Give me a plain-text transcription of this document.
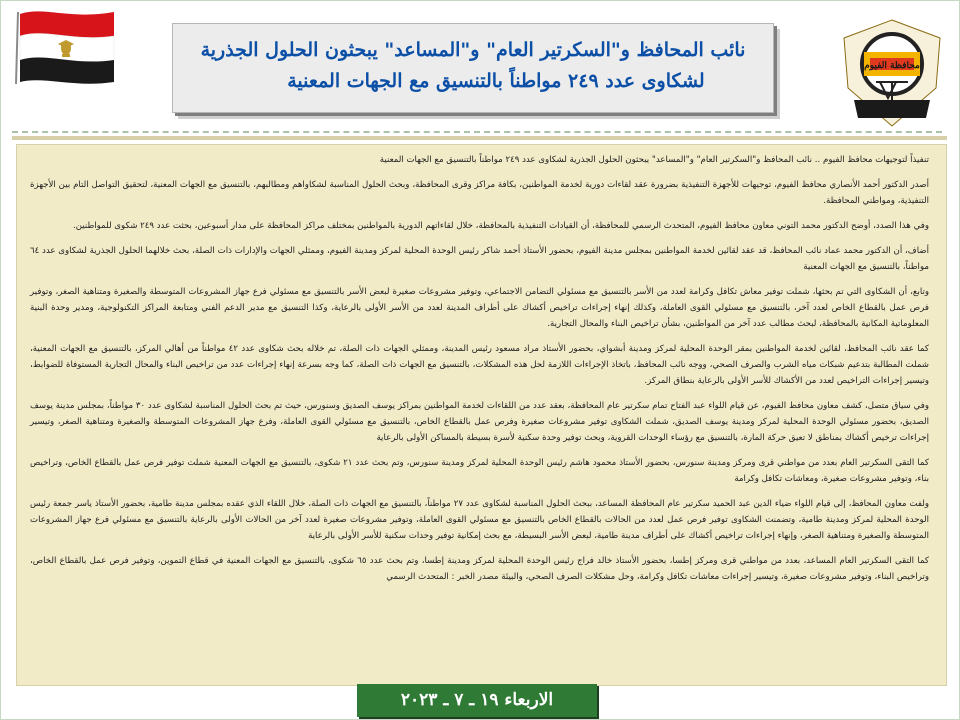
محافظة الفيوم
نائب المحافظ و"السكرتير العام" و"المساعد" يبحثون الحلول الجذرية
لشكاوى عدد ٢٤٩ مواطناً بالتنسيق مع الجهات المعنية

تنفيذاً لتوجيهات محافظ الفيوم .. نائب المحافظ و"السكرتير العام" و"المساعد" يبحثون الحلول الجذرية لشكاوى عدد ٢٤٩ مواطناً بالتنسيق مع الجهات المعنية

أصدر الدكتور أحمد الأنصاري محافظ الفيوم، توجيهات للأجهزة التنفيذية بضرورة عقد لقاءات دورية لخدمة المواطنين، بكافة مراكز وقرى المحافظة، وبحث الحلول المناسبة لشكاواهم ومطالبهم، بالتنسيق مع الجهات المعنية، لتحقيق التواصل التام بين الأجهزة التنفيذية، ومواطني المحافظة.

وفي هذا الصدد، أوضح الدكتور محمد التوني معاون محافظ الفيوم، المتحدث الرسمي للمحافظة، أن القيادات التنفيذية بالمحافظة، خلال لقاءاتهم الدورية بالمواطنين بمختلف مراكز المحافظة على مدار أسبوعين، بحثت عدد ٢٤٩ شكوى للمواطنين.

أضاف، أن الدكتور محمد عماد نائب المحافظ، قد عقد لقائين لخدمة المواطنين بمجلس مدينة الفيوم، بحضور الأستاذ أحمد شاكر رئيس الوحدة المحلية لمركز ومدينة الفيوم، وممثلي الجهات والإدارات ذات الصلة، بحث خلالهما الحلول الجذرية لشكاوى عدد ٦٤ مواطناً، بالتنسيق مع الجهات المعنية

وتابع، أن الشكاوى التي تم بحثها، شملت توفير معاش تكافل وكرامة لعدد من الأسر بالتنسيق مع مسئولي التضامن الاجتماعي، وتوفير مشروعات صغيرة لبعض الأسر بالتنسيق مع مسئولي فرع جهاز المشروعات المتوسطة والصغيرة ومتناهية الصغر، وتوفير فرص عمل بالقطاع الخاص لعدد آخر، بالتنسيق مع مسئولي القوى العاملة، وكذلك إنهاء إجراءات تراخيص أكشاك على أطراف المدينة لعدد من الأسر الأولى بالرعاية، وكذا التنسيق مع مدير الدعم الفني ومتابعة المراكز التكنولوجية، ومدير وحدة البنية المعلوماتية المكانية بالمحافظة، لبحث مطالب عدد آخر من المواطنين، بشأن تراخيص البناء والمحال التجارية.

كما عقد نائب المحافظ، لقائين لخدمة المواطنين بمقر الوحدة المحلية لمركز ومدينة أبشواي، بحضور الأستاذ مراد مسعود رئيس المدينة، وممثلي الجهات ذات الصلة، تم خلاله بحث شكاوى عدد ٤٢ مواطناً من أهالي المركز، بالتنسيق مع الجهات المعنية، شملت المطالبة بتدعيم شبكات مياه الشرب والصرف الصحي، ووجه نائب المحافظ، باتخاذ الإجراءات اللازمة لحل هذه المشكلات، بالتنسيق مع الجهات ذات الصلة، كما وجه بسرعة إنهاء إجراءات عدد من تراخيص البناء والمحال التجارية المستوفاة للضوابط، وتيسير إجراءات التراخيص لعدد من الأكشاك للأسر الأولى بالرعاية بنطاق المركز.

وفي سياق متصل، كشف معاون محافظ الفيوم، عن قيام اللواء عبد الفتاح تمام سكرتير عام المحافظة، بعقد عدد من اللقاءات لخدمة المواطنين بمراكز يوسف الصديق وسنورس، حيث تم بحث الحلول المناسبة لشكاوى عدد ٣٠ مواطناً، بمجلس مدينة يوسف الصديق، بحضور مسئولي الوحدة المحلية لمركز ومدينة يوسف الصديق، شملت الشكاوى توفير مشروعات صغيرة وفرص عمل بالقطاع الخاص، بالتنسيق مع مسئولي القوى العاملة، وفرع جهاز المشروعات المتوسطة والصغيرة ومتناهية الصغر، وتيسير إجراءات ترخيص أكشاك بمناطق لا تعيق حركة المارة، بالتنسيق مع رؤساء الوحدات القروية، وبحث توفير وحدة سكنية لأسرة بسيطة بالمساكن الأولى بالرعاية

كما التقى السكرتير العام بعدد من مواطني قرى ومركز ومدينة سنورس، بحضور الأستاذ محمود هاشم رئيس الوحدة المحلية لمركز ومدينة سنورس، وتم بحث عدد ٢١ شكوى، بالتنسيق مع الجهات المعنية شملت توفير فرص عمل بالقطاع الخاص، وتراخيص بناء، وتوفير مشروعات صغيرة، ومعاشات تكافل وكرامة

ولفت معاون المحافظ، إلى قيام اللواء ضياء الدين عبد الحميد سكرتير عام المحافظة المساعد، ببحث الحلول المناسبة لشكاوى عدد ٢٧ مواطناً، بالتنسيق مع الجهات ذات الصلة، خلال اللقاء الذي عقده بمجلس مدينة طامية، بحضور الأستاذ ياسر جمعة رئيس الوحدة المحلية لمركز ومدينة طامية، وتضمنت الشكاوى توفير فرص عمل لعدد من الحالات بالقطاع الخاص بالتنسيق مع مسئولي القوى العاملة، وتوفير مشروعات صغيرة لعدد آخر من الحالات الأولى بالرعاية بالتنسيق مع مسئولي فرع جهاز المشروعات المتوسطة والصغيرة ومتناهية الصغر، وإنهاء إجراءات تراخيص أكشاك على أطراف مدينة طامية، لبعض الأسر البسيطة، مع بحث إمكانية توفير وحدات سكنية للأسر الأولى بالرعاية

كما التقى السكرتير العام المساعد، بعدد من مواطني قرى ومركز إطسا، بحضور الأستاذ خالد فراج رئيس الوحدة المحلية لمركز ومدينة إطسا، وتم بحث عدد ٦٥ شكوى، بالتنسيق مع الجهات المعنية في قطاع التموين، وتوفير فرص عمل بالقطاع الخاص، وتراخيص البناء، وتوفير مشروعات صغيرة، وتيسير إجراءات معاشات تكافل وكرامة، وحل مشكلات الصرف الصحي، والبيئة مصدر الخبر : المتحدث الرسمي

الاربعاء ١٩ ـ ٧ ـ ٢٠٢٣
